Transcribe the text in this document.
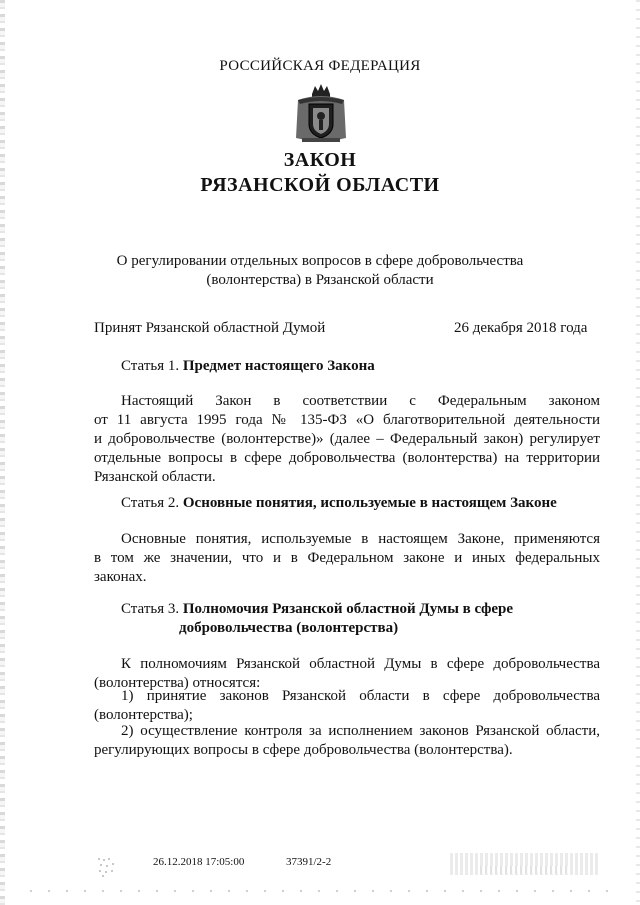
РОССИЙСКАЯ ФЕДЕРАЦИЯ
ЗАКОН
РЯЗАНСКОЙ ОБЛАСТИ
О регулировании отдельных вопросов в сфере добровольчества
(волонтерства) в Рязанской области
Принят Рязанской областной Думой	26 декабря 2018 года
Статья 1. Предмет настоящего Закона
Настоящий Закон в соответствии с Федеральным законом
от 11 августа 1995 года № 135-ФЗ «О благотворительной деятельности
и добровольчестве (волонтерстве)» (далее – Федеральный закон) регулирует
отдельные вопросы в сфере добровольчества (волонтерства) на территории
Рязанской области.
Статья 2. Основные понятия, используемые в настоящем Законе
Основные понятия, используемые в настоящем Законе, применяются
в том же значении, что и в Федеральном законе и иных федеральных
законах.
Статья 3. Полномочия Рязанской областной Думы в сфере
добровольчества (волонтерства)
К полномочиям Рязанской областной Думы в сфере добровольчества
(волонтерства) относятся:
1) принятие законов Рязанской области в сфере добровольчества
(волонтерства);
2) осуществление контроля за исполнением законов Рязанской области,
регулирующих вопросы в сфере добровольчества (волонтерства).
26.12.2018 17:05:00	37391/2-2
